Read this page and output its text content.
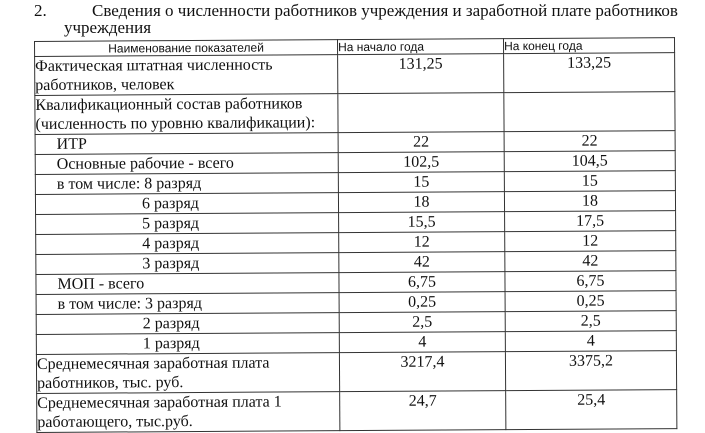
2.	Сведения о численности работников учреждения и заработной плате работников
учреждения
Наименование показателей	На начало года	На конец года
Фактическая штатная численность работников, человек	131,25	133,25
Квалификационный состав работников (численность по уровню квалификации):		
ИТР	22	22
Основные рабочие - всего	102,5	104,5
в том числе: 8 разряд	15	15
6 разряд	18	18
5 разряд	15,5	17,5
4 разряд	12	12
3 разряд	42	42
МОП - всего	6,75	6,75
в том числе: 3 разряд	0,25	0,25
2 разряд	2,5	2,5
1 разряд	4	4
Среднемесячная заработная плата работников, тыс. руб.	3217,4	3375,2
Среднемесячная заработная плата 1 работающего, тыс.руб.	24,7	25,4
